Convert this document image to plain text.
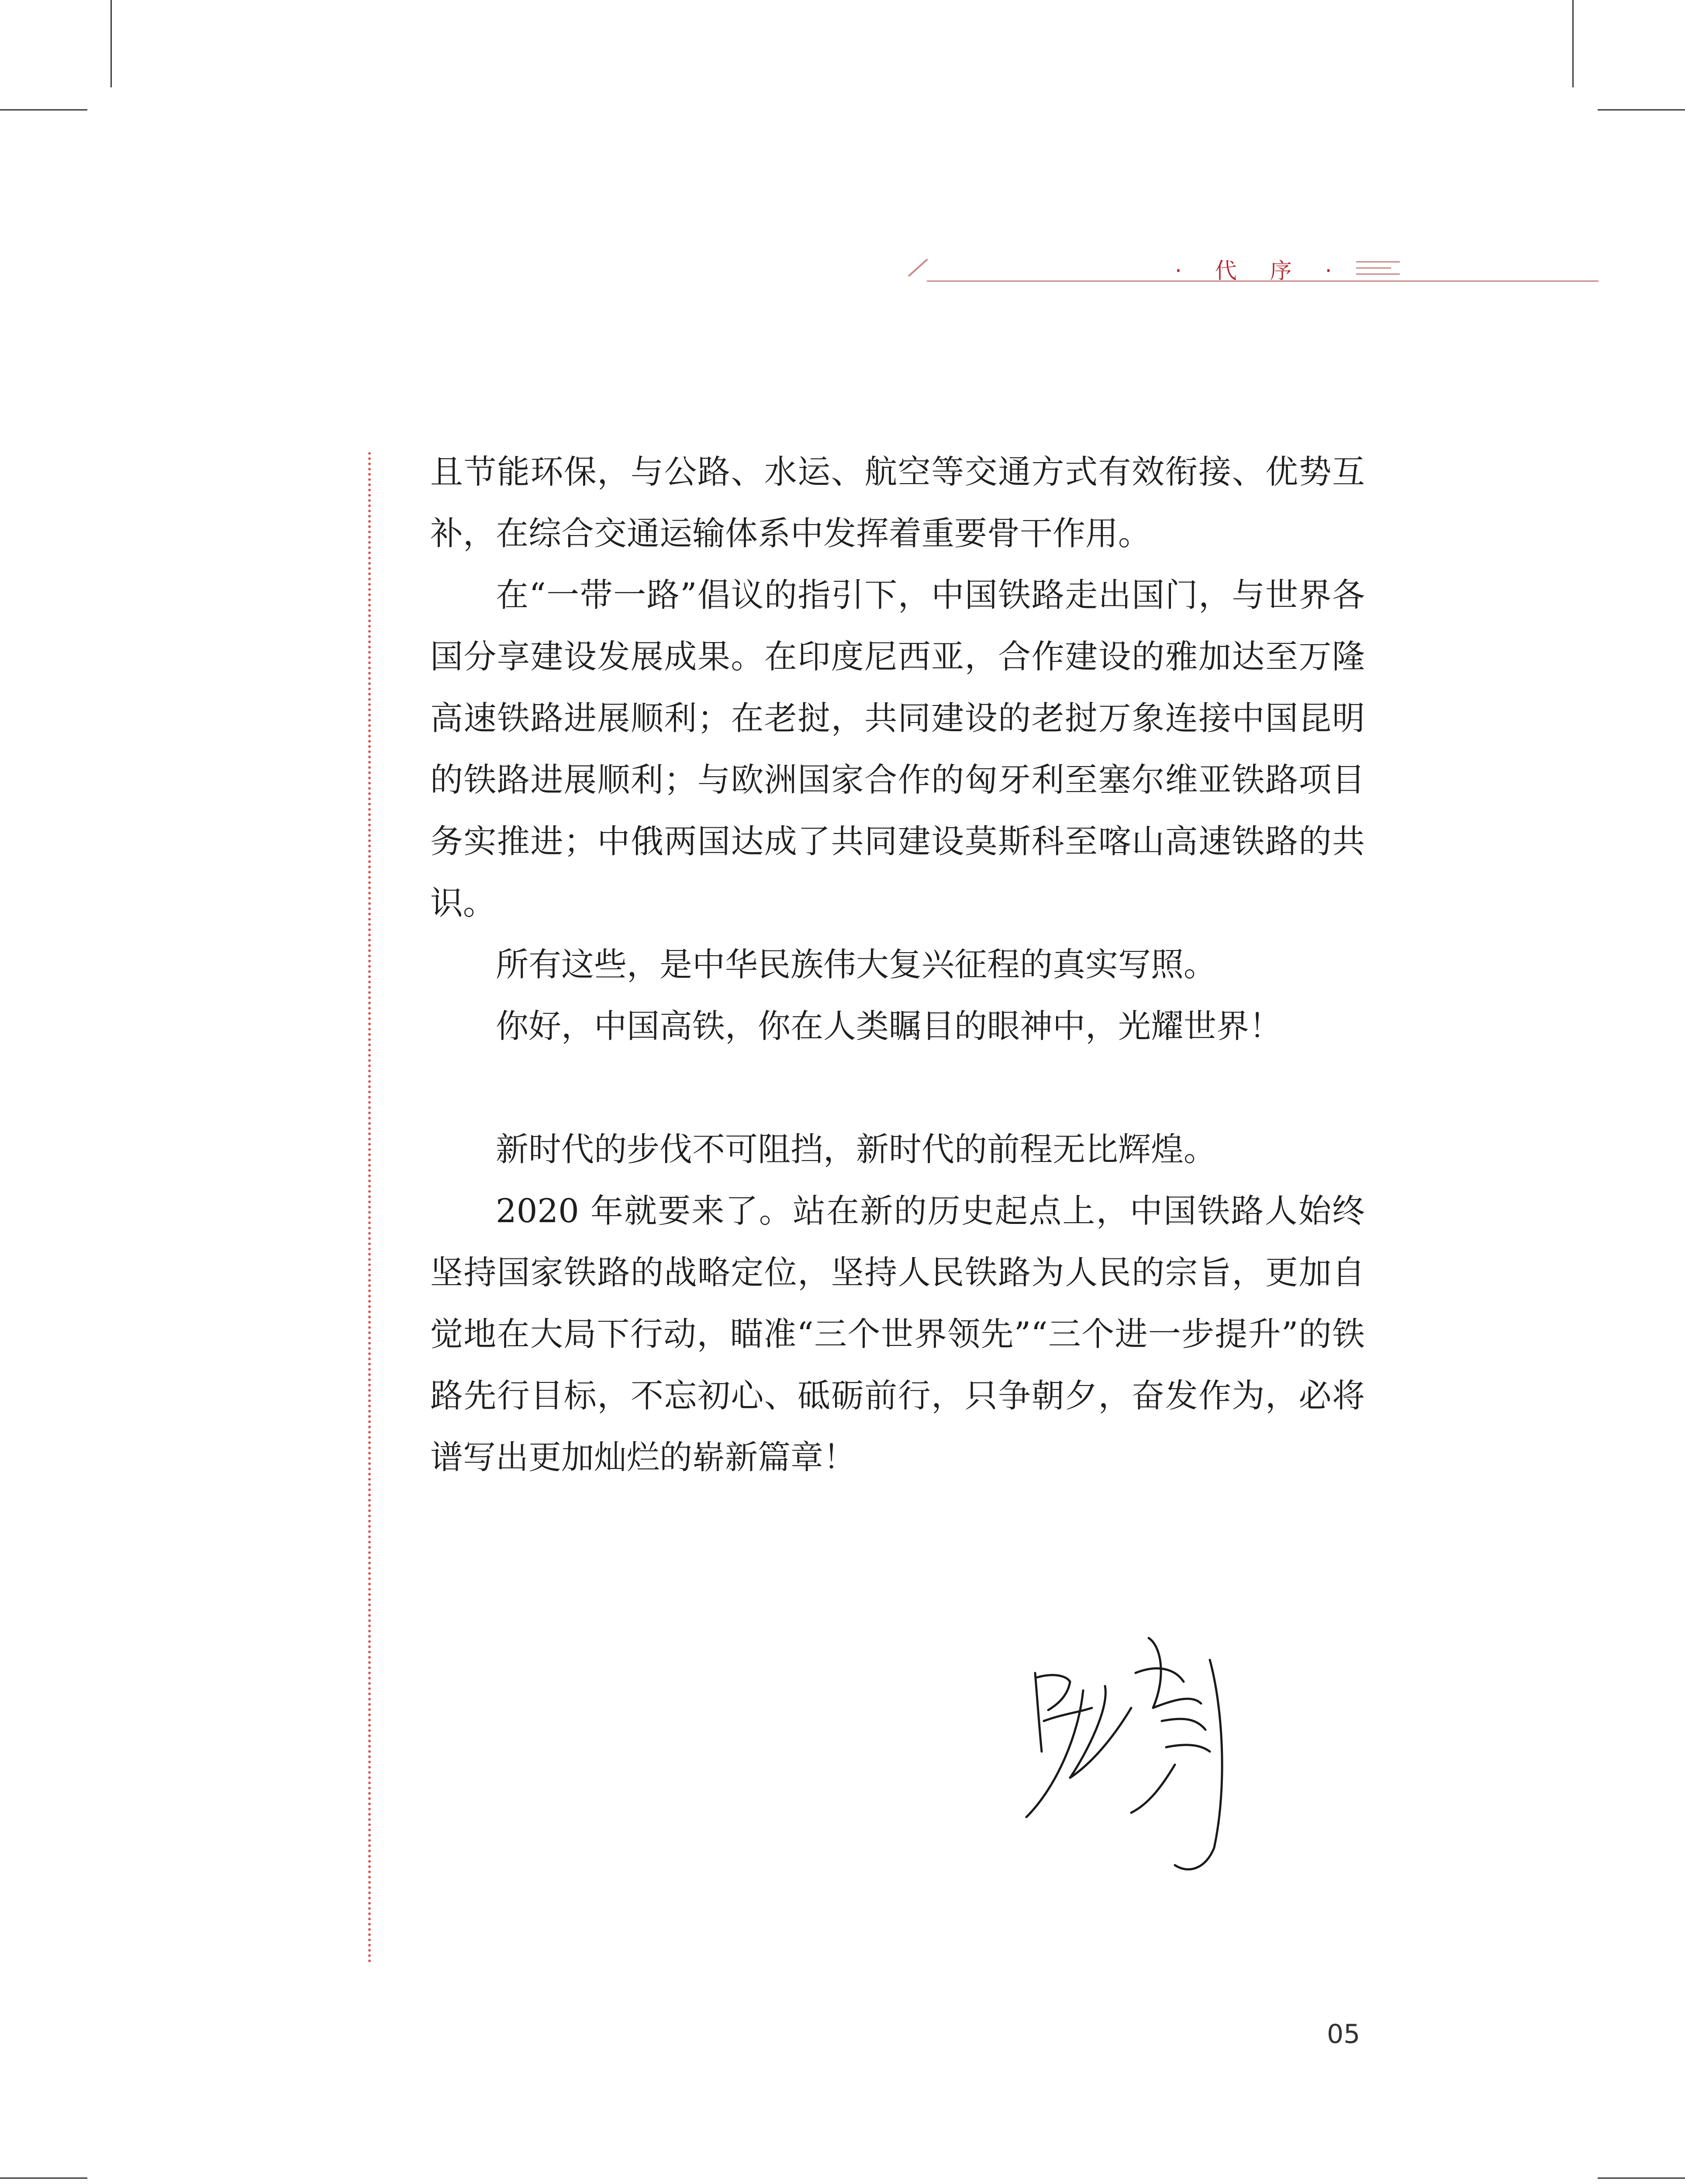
· 代 序 ·

且节能环保，与公路、水运、航空等交通方式有效衔接、优势互补，在综合交通运输体系中发挥着重要骨干作用。

在“一带一路”倡议的指引下，中国铁路走出国门，与世界各国分享建设发展成果。在印度尼西亚，合作建设的雅加达至万隆高速铁路进展顺利；在老挝，共同建设的老挝万象连接中国昆明的铁路进展顺利；与欧洲国家合作的匈牙利至塞尔维亚铁路项目务实推进；中俄两国达成了共同建设莫斯科至喀山高速铁路的共识。

所有这些，是中华民族伟大复兴征程的真实写照。

你好，中国高铁，你在人类瞩目的眼神中，光耀世界！

新时代的步伐不可阻挡，新时代的前程无比辉煌。

2020 年就要来了。站在新的历史起点上，中国铁路人始终坚持国家铁路的战略定位，坚持人民铁路为人民的宗旨，更加自觉地在大局下行动，瞄准“三个世界领先”“三个进一步提升”的铁路先行目标，不忘初心、砥砺前行，只争朝夕，奋发作为，必将谱写出更加灿烂的崭新篇章！

05
